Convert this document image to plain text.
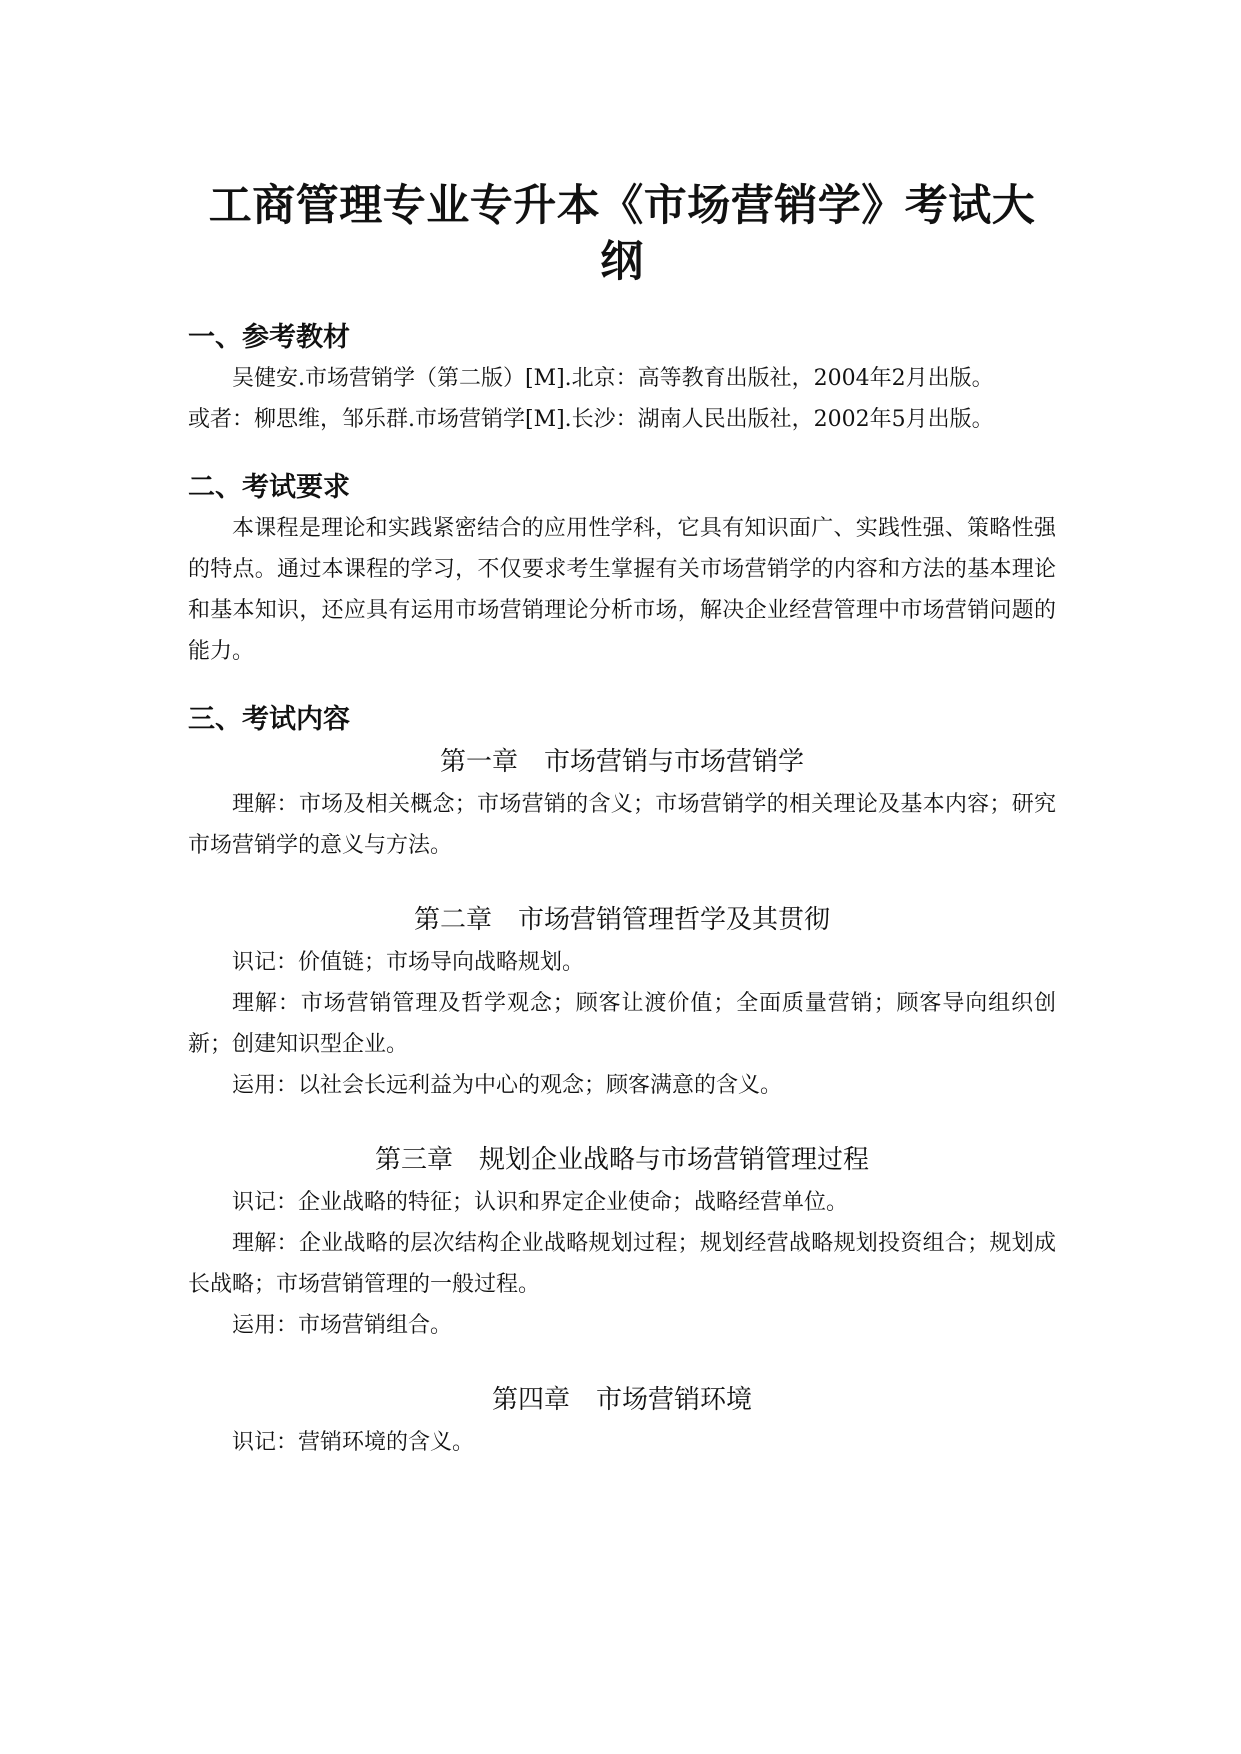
工商管理专业专升本《市场营销学》考试大纲
一、参考教材

吴健安.市场营销学（第二版）[M].北京：高等教育出版社，2004年2月出版。

或者：柳思维，邹乐群.市场营销学[M].长沙：湖南人民出版社，2002年5月出版。

二、考试要求

本课程是理论和实践紧密结合的应用性学科，它具有知识面广、实践性强、策略性强的特点。通过本课程的学习，不仅要求考生掌握有关市场营销学的内容和方法的基本理论和基本知识，还应具有运用市场营销理论分析市场，解决企业经营管理中市场营销问题的能力。

三、考试内容
第一章　市场营销与市场营销学

理解：市场及相关概念；市场营销的含义；市场营销学的相关理论及基本内容；研究市场营销学的意义与方法。

第二章　市场营销管理哲学及其贯彻

识记：价值链；市场导向战略规划。

理解：市场营销管理及哲学观念；顾客让渡价值；全面质量营销；顾客导向组织创新；创建知识型企业。

运用：以社会长远利益为中心的观念；顾客满意的含义。

第三章　规划企业战略与市场营销管理过程

识记：企业战略的特征；认识和界定企业使命；战略经营单位。

理解：企业战略的层次结构企业战略规划过程；规划经营战略规划投资组合；规划成长战略；市场营销管理的一般过程。

运用：市场营销组合。

第四章　市场营销环境

识记：营销环境的含义。
